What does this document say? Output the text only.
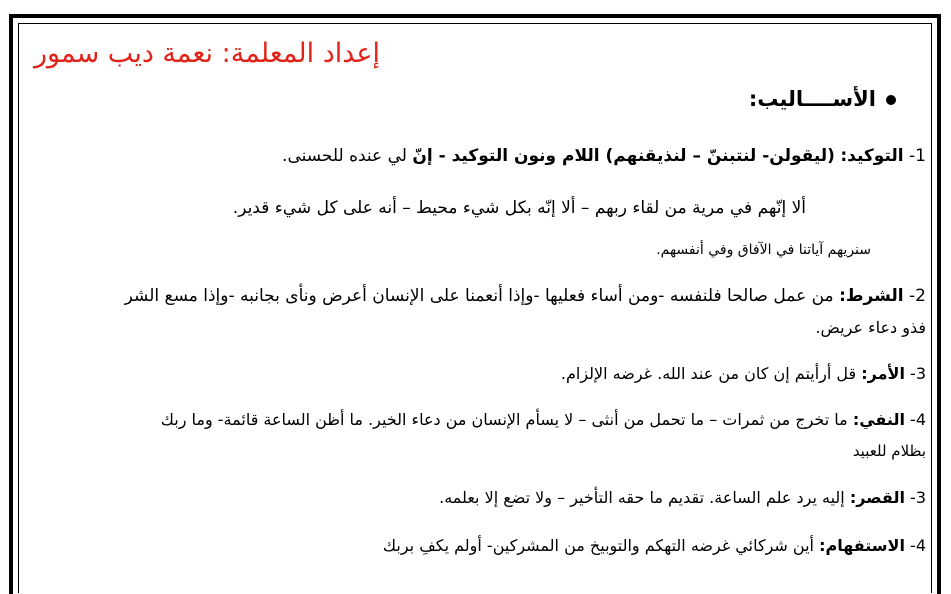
إعداد المعلمة: نعمة ديب سمور
الأســــاليب:
1- التوكيد: (ليقولن- لنتبننّ – لنذيقنهم) اللام ونون التوكيد - إنّ لي عنده للحسنى.
ألا إنّهم في مرية من لقاء ربهم – ألا إنّه بكل شيء محيط – أنه على كل شيء قدير.
سنريهم آياتنا في الآفاق وفي أنفسهم.
2- الشرط: من عمل صالحا فلنفسه -ومن أساء فعليها -وإذا أنعمنا على الإنسان أعرض ونأى بجانبه -وإذا مسع الشر
فذو دعاء عريض.
3- الأمر: قل أرأيتم إن كان من عند الله. غرضه الإلزام.
4- النفي: ما تخرج من ثمرات – ما تحمل من أنثى – لا يسأم الإنسان من دعاء الخير. ما أظن الساعة قائمة- وما ربك
بظلام للعبيد
3- القصر: إليه يرد علم الساعة. تقديم ما حقه التأخير – ولا تضع إلا بعلمه.
4- الاستفهام: أين شركائي غرضه التهكم والتوبيخ من المشركين- أولم يكفِ بربك
